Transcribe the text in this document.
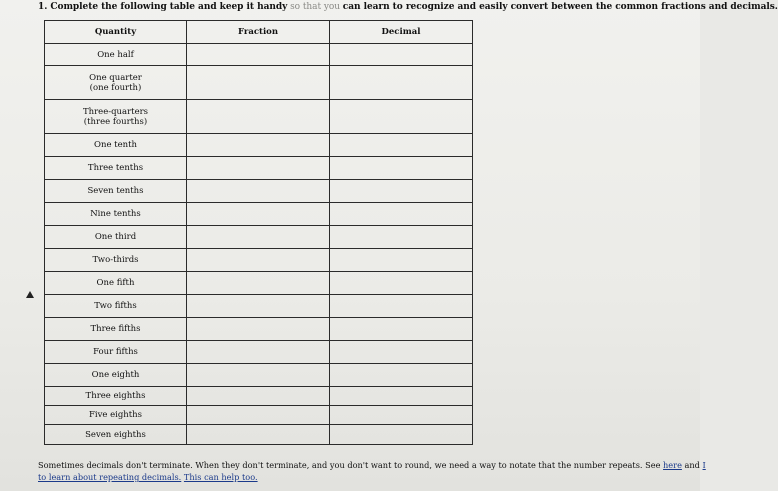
1. Complete the following table and keep it handy so that you can learn to recognize and easily convert between the common fractions and decimals.
Quantity	Fraction	Decimal

One half		

One quarter
(one fourth)		

Three-quarters
(three fourths)		

One tenth		

Three tenths		

Seven tenths		

Nine tenths		

One third		

Two-thirds		

One fifth		

Two fifths		

Three fifths		

Four fifths		

One eighth		

Three eighths		

Five eighths		

Seven eighths		

Sometimes decimals don't terminate. When they don't terminate, and you don't want to round, we need a way to notate that the number repeats. See here and I
to learn about repeating decimals. This can help too.
